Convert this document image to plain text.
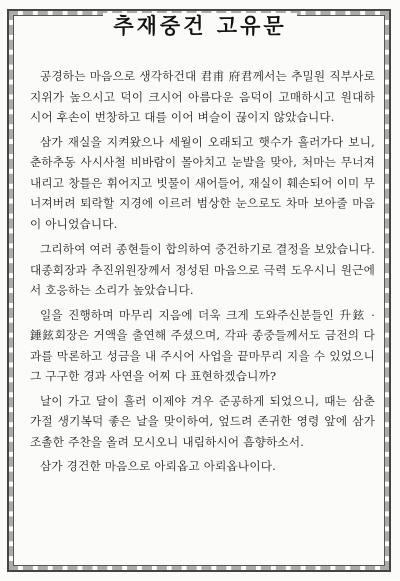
추재중건 고유문

공경하는 마음으로 생각하건대 君甫 府君께서는 추밀원 직부사로 지위가 높으시고 덕이 크시어 아름다운 음덕이 고매하시고 원대하시어 후손이 번창하고 대를 이어 벼슬이 끊이지 않았습니다.

삼가 재실을 지켜왔으나 세월이 오래되고 햇수가 흘러가다 보니, 춘하추동 사시사철 비바람이 몰아치고 눈발을 맞아, 처마는 무너져 내리고 창틀은 휘어지고 빗물이 새어들어, 재실이 훼손되어 이미 무너져버려 퇴락할 지경에 이르러 범상한 눈으로도 차마 보아줄 마음이 아니었습니다.

그리하여 여러 종현들이 합의하여 중건하기로 결정을 보았습니다. 대종회장과 추진위원장께서 정성된 마음으로 극력 도우시니 원근에서 호응하는 소리가 높았습니다.

일을 진행하며 마무리 지음에 더욱 크게 도와주신분들인 升鉉 · 錘鉉회장은 거액을 출연해 주셨으며, 각파 종중들께서도 금전의 다과를 막론하고 성금을 내 주시어 사업을 끝마무리 지을 수 있었으니 그 구구한 경과 사연을 어찌 다 표현하겠습니까?

날이 가고 달이 흘러 이제야 겨우 준공하게 되었으니, 때는 삼춘가절 생기복덕 좋은 날을 맞이하여, 엎드려 존귀한 영령 앞에 삼가 조촐한 주찬을 올려 모시오니 내림하시어 흠향하소서.

삼가 경건한 마음으로 아뢰옵고 아뢰옵나이다.
